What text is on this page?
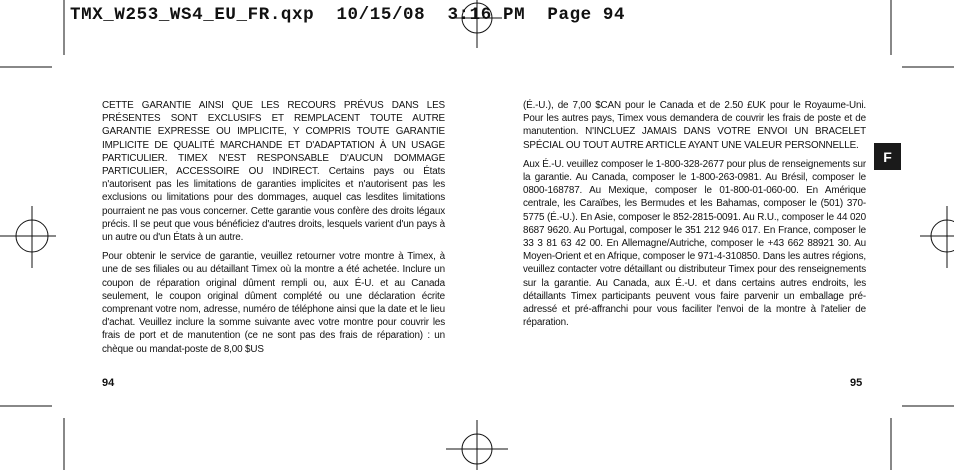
TMX_W253_WS4_EU_FR.qxp  10/15/08  3:16 PM  Page 94

CETTE GARANTIE AINSI QUE LES RECOURS PRÉVUS DANS LES PRÉSENTES SONT EXCLUSIFS ET REMPLACENT TOUTE AUTRE GARANTIE EXPRESSE OU IMPLICITE, Y COMPRIS TOUTE GARANTIE IMPLICITE DE QUALITÉ MARCHANDE ET D'ADAPTATION À UN USAGE PARTICULIER. TIMEX N'EST RESPONSABLE D'AUCUN DOMMAGE PARTICULIER, ACCESSOIRE OU INDIRECT. Certains pays ou États n'autorisent pas les limitations de garanties implicites et n'autorisent pas les exclusions ou limitations pour des dommages, auquel cas lesdites limitations pourraient ne pas vous concerner. Cette garantie vous confère des droits légaux précis. Il se peut que vous bénéficiez d'autres droits, lesquels varient d'un pays à un autre ou d'un États à un autre.

Pour obtenir le service de garantie, veuillez retourner votre montre à Timex, à une de ses filiales ou au détaillant Timex où la montre a été achetée. Inclure un coupon de réparation original dûment rempli ou, aux É-U. et au Canada seulement, le coupon original dûment complété ou une déclaration écrite comprenant votre nom, adresse, numéro de téléphone ainsi que la date et le lieu d'achat. Veuillez inclure la somme suivante avec votre montre pour couvrir les frais de port et de manutention (ce ne sont pas des frais de réparation) : un chèque ou mandat-poste de 8,00 $US

94

(É.-U.), de 7,00 $CAN pour le Canada et de 2.50 £UK pour le Royaume-Uni. Pour les autres pays, Timex vous demandera de couvrir les frais de poste et de manutention. N'INCLUEZ JAMAIS DANS VOTRE ENVOI UN BRACELET SPÉCIAL OU TOUT AUTRE ARTICLE AYANT UNE VALEUR PERSONNELLE.

Aux É.-U. veuillez composer le 1-800-328-2677 pour plus de renseignements sur la garantie. Au Canada, composer le 1-800-263-0981. Au Brésil, composer le 0800-168787. Au Mexique, composer le 01-800-01-060-00. En Amérique centrale, les Caraïbes, les Bermudes et les Bahamas, composer le (501) 370-5775 (É.-U.). En Asie, composer le 852-2815-0091. Au R.U., composer le 44 020 8687 9620. Au Portugal, composer le 351 212 946 017. En France, composer le 33 3 81 63 42 00. En Allemagne/Autriche, composer le +43 662 88921 30. Au Moyen-Orient et en Afrique, composer le 971-4-310850. Dans les autres régions, veuillez contacter votre détaillant ou distributeur Timex pour des renseignements sur la garantie. Au Canada, aux É.-U. et dans certains autres endroits, les détaillants Timex participants peuvent vous faire parvenir un emballage pré-adressé et pré-affranchi pour vous faciliter l'envoi de la montre à l'atelier de réparation.

95
F
